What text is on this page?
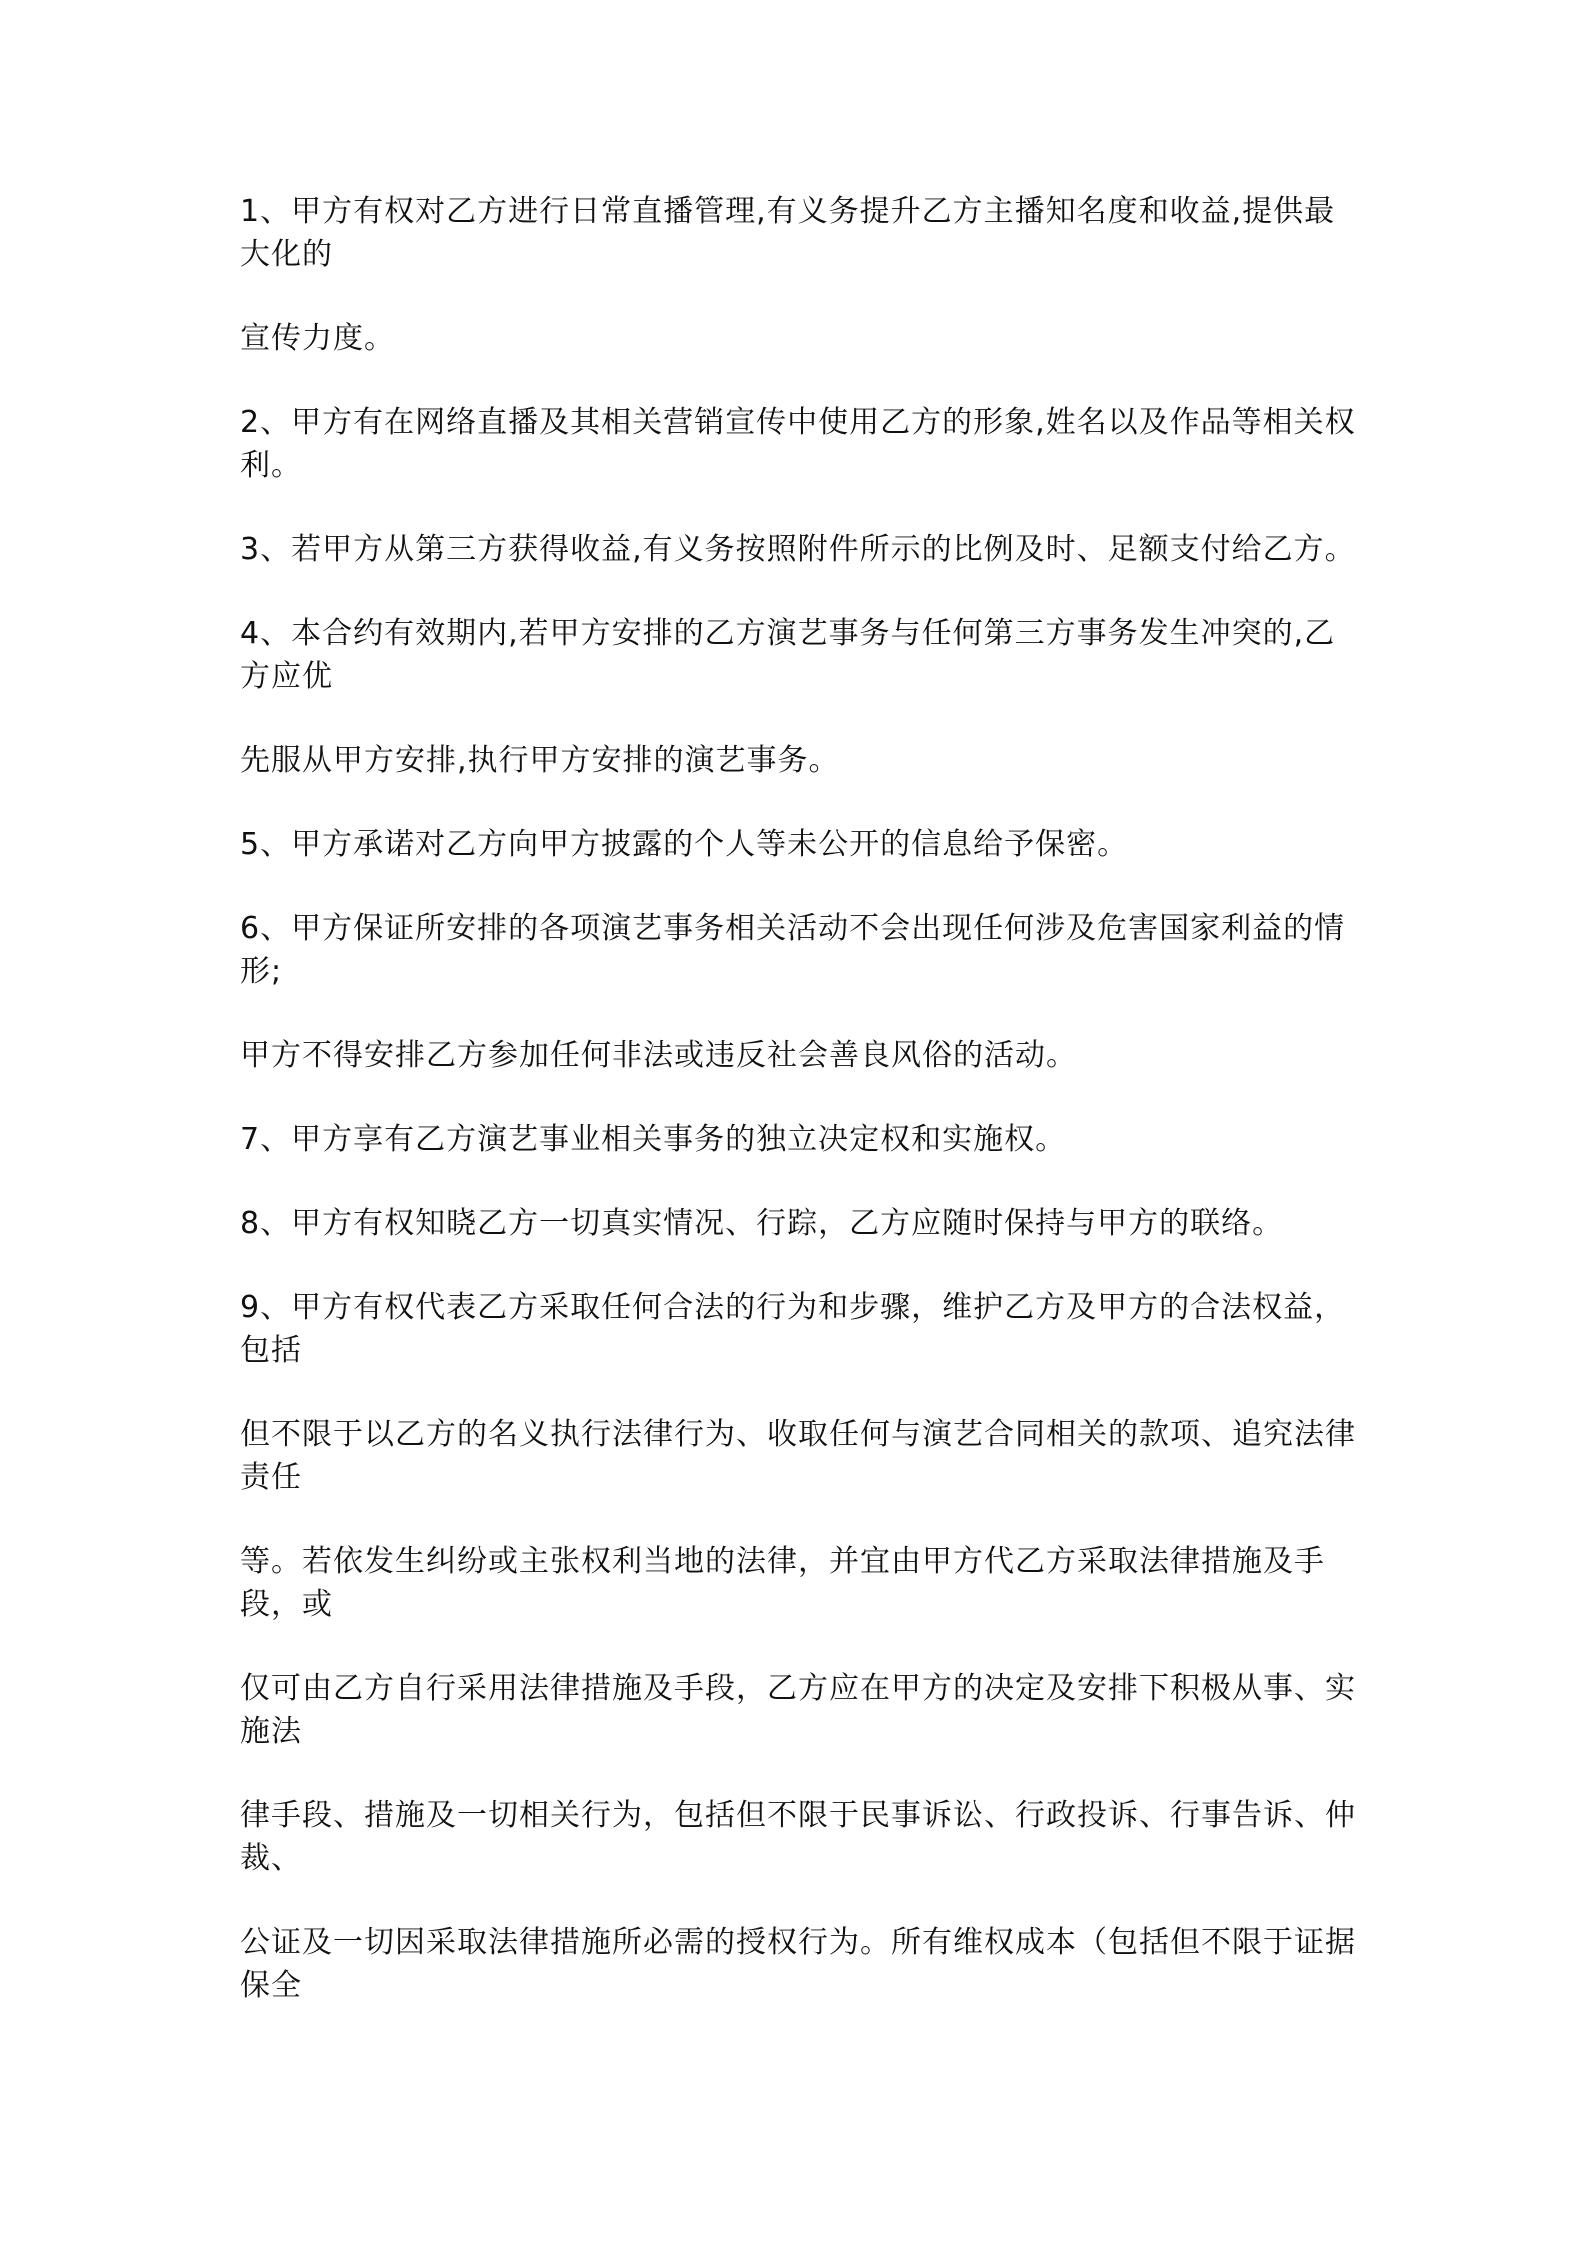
1、甲方有权对乙方进行日常直播管理,有义务提升乙方主播知名度和收益,提供最大化的

宣传力度。

2、甲方有在网络直播及其相关营销宣传中使用乙方的形象,姓名以及作品等相关权利。

3、若甲方从第三方获得收益,有义务按照附件所示的比例及时、足额支付给乙方。

4、本合约有效期内,若甲方安排的乙方演艺事务与任何第三方事务发生冲突的,乙方应优

先服从甲方安排,执行甲方安排的演艺事务。

5、甲方承诺对乙方向甲方披露的个人等未公开的信息给予保密。

6、甲方保证所安排的各项演艺事务相关活动不会出现任何涉及危害国家利益的情形;

甲方不得安排乙方参加任何非法或违反社会善良风俗的活动。

7、甲方享有乙方演艺事业相关事务的独立决定权和实施权。

8、甲方有权知晓乙方一切真实情况、行踪，乙方应随时保持与甲方的联络。

9、甲方有权代表乙方采取任何合法的行为和步骤，维护乙方及甲方的合法权益，包括

但不限于以乙方的名义执行法律行为、收取任何与演艺合同相关的款项、追究法律责任

等。若依发生纠纷或主张权利当地的法律，并宜由甲方代乙方采取法律措施及手段，或

仅可由乙方自行采用法律措施及手段，乙方应在甲方的决定及安排下积极从事、实施法

律手段、措施及一切相关行为，包括但不限于民事诉讼、行政投诉、行事告诉、仲裁、

公证及一切因采取法律措施所必需的授权行为。所有维权成本（包括但不限于证据保全
